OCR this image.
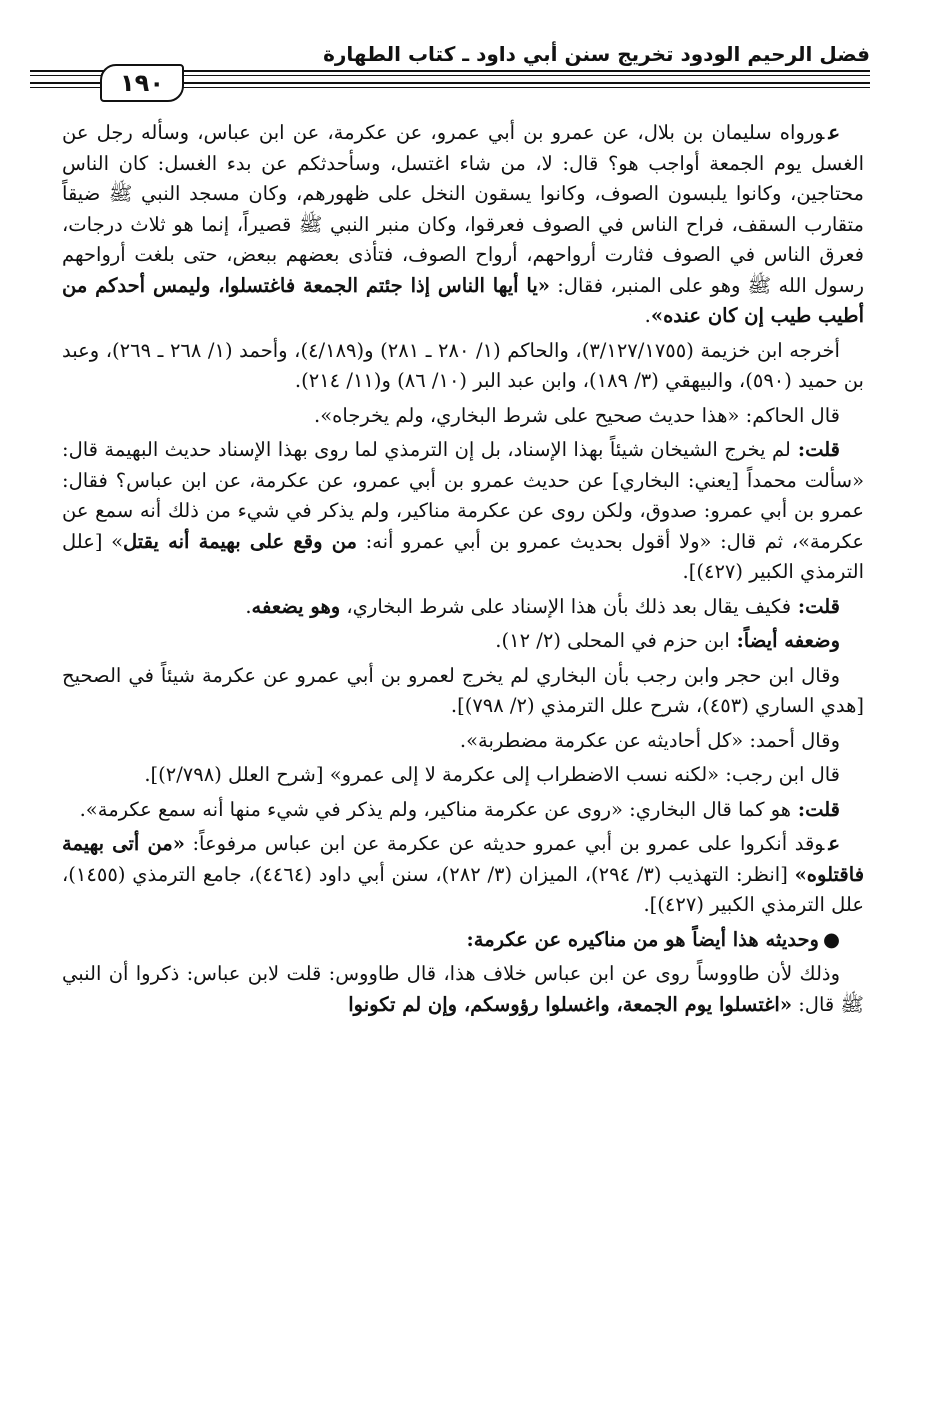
فضل الرحيم الودود تخريج سنن أبي داود ـ كتاب الطهارة
١٩٠

عورواه سليمان بن بلال، عن عمرو بن أبي عمرو، عن عكرمة، عن ابن عباس، وسأله رجل عن الغسل يوم الجمعة أواجب هو؟ قال: لا، من شاء اغتسل، وسأحدثكم عن بدء الغسل: كان الناس محتاجين، وكانوا يلبسون الصوف، وكانوا يسقون النخل على ظهورهم، وكان مسجد النبي ﷺ ضيقاً متقارب السقف، فراح الناس في الصوف فعرقوا، وكان منبر النبي ﷺ قصيراً، إنما هو ثلاث درجات، فعرق الناس في الصوف فثارت أرواحهم، أرواح الصوف، فتأذى بعضهم ببعض، حتى بلغت أرواحهم رسول الله ﷺ وهو على المنبر، فقال: «يا أيها الناس إذا جئتم الجمعة فاغتسلوا، وليمس أحدكم من أطيب طيب إن كان عنده».

أخرجه ابن خزيمة (٣/١٢٧/١٧٥٥)، والحاكم (١/ ٢٨٠ ـ ٢٨١) و(٤/١٨٩)، وأحمد (١/ ٢٦٨ ـ ٢٦٩)، وعبد بن حميد (٥٩٠)، والبيهقي (٣/ ١٨٩)، وابن عبد البر (١٠/ ٨٦) و(١١/ ٢١٤).

قال الحاكم: «هذا حديث صحيح على شرط البخاري، ولم يخرجاه».

قلت: لم يخرج الشيخان شيئاً بهذا الإسناد، بل إن الترمذي لما روى بهذا الإسناد حديث البهيمة قال: «سألت محمداً [يعني: البخاري] عن حديث عمرو بن أبي عمرو، عن عكرمة، عن ابن عباس؟ فقال: عمرو بن أبي عمرو: صدوق، ولكن روى عن عكرمة مناكير، ولم يذكر في شيء من ذلك أنه سمع عن عكرمة»، ثم قال: «ولا أقول بحديث عمرو بن أبي عمرو أنه: من وقع على بهيمة أنه يقتل» [علل الترمذي الكبير (٤٢٧)].

قلت: فكيف يقال بعد ذلك بأن هذا الإسناد على شرط البخاري، وهو يضعفه.

وضعفه أيضاً: ابن حزم في المحلى (٢/ ١٢).

وقال ابن حجر وابن رجب بأن البخاري لم يخرج لعمرو بن أبي عمرو عن عكرمة شيئاً في الصحيح [هدي الساري (٤٥٣)، شرح علل الترمذي (٢/ ٧٩٨)].

وقال أحمد: «كل أحاديثه عن عكرمة مضطربة».

قال ابن رجب: «لكنه نسب الاضطراب إلى عكرمة لا إلى عمرو» [شرح العلل (٢/٧٩٨)].

قلت: هو كما قال البخاري: «روى عن عكرمة مناكير، ولم يذكر في شيء منها أنه سمع عكرمة».

عوقد أنكروا على عمرو بن أبي عمرو حديثه عن عكرمة عن ابن عباس مرفوعاً: «من أتى بهيمة فاقتلوه» [انظر: التهذيب (٣/ ٢٩٤)، الميزان (٣/ ٢٨٢)، سنن أبي داود (٤٤٦٤)، جامع الترمذي (١٤٥٥)، علل الترمذي الكبير (٤٢٧)].

●وحديثه هذا أيضاً هو من مناكيره عن عكرمة:

وذلك لأن طاووساً روى عن ابن عباس خلاف هذا، قال طاووس: قلت لابن عباس: ذكروا أن النبي ﷺ قال: «اغتسلوا يوم الجمعة، واغسلوا رؤوسكم، وإن لم تكونوا
